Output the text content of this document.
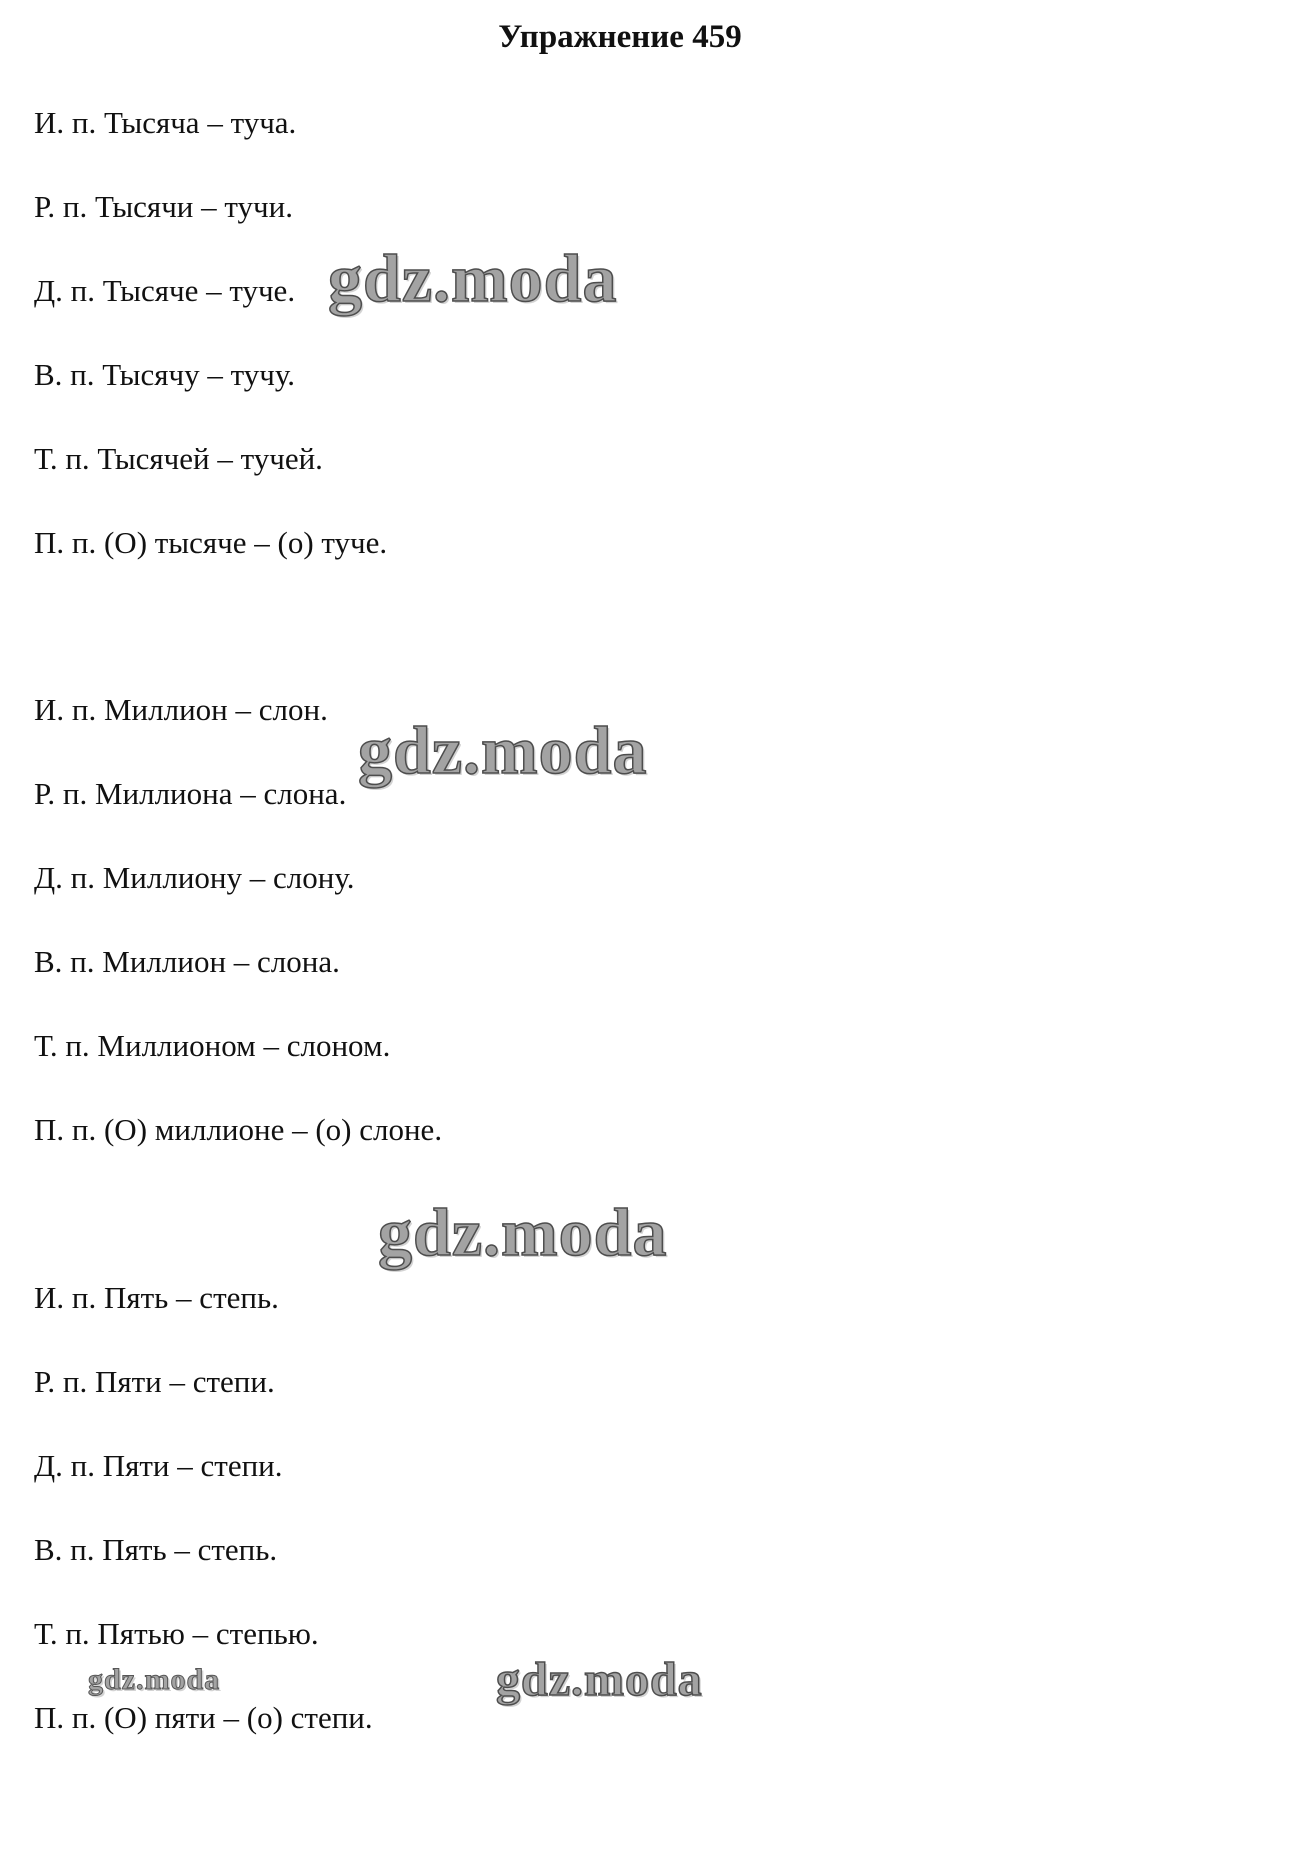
Упражнение 459
И. п. Тысяча – туча.
Р. п. Тысячи – тучи.
Д. п. Тысяче – туче.
В. п. Тысячу – тучу.
Т. п. Тысячей – тучей.
П. п. (О) тысяче – (о) туче.
И. п. Миллион – слон.
Р. п. Миллиона – слона.
Д. п. Миллиону – слону.
В. п. Миллион – слона.
Т. п. Миллионом – слоном.
П. п. (О) миллионе – (о) слоне.
И. п. Пять – степь.
Р. п. Пяти – степи.
Д. п. Пяти – степи.
В. п. Пять – степь.
Т. п. Пятью – степью.
П. п. (О) пяти – (о) степи.
gdz.moda
gdz.moda
gdz.moda
gdz.moda	gdz.moda
